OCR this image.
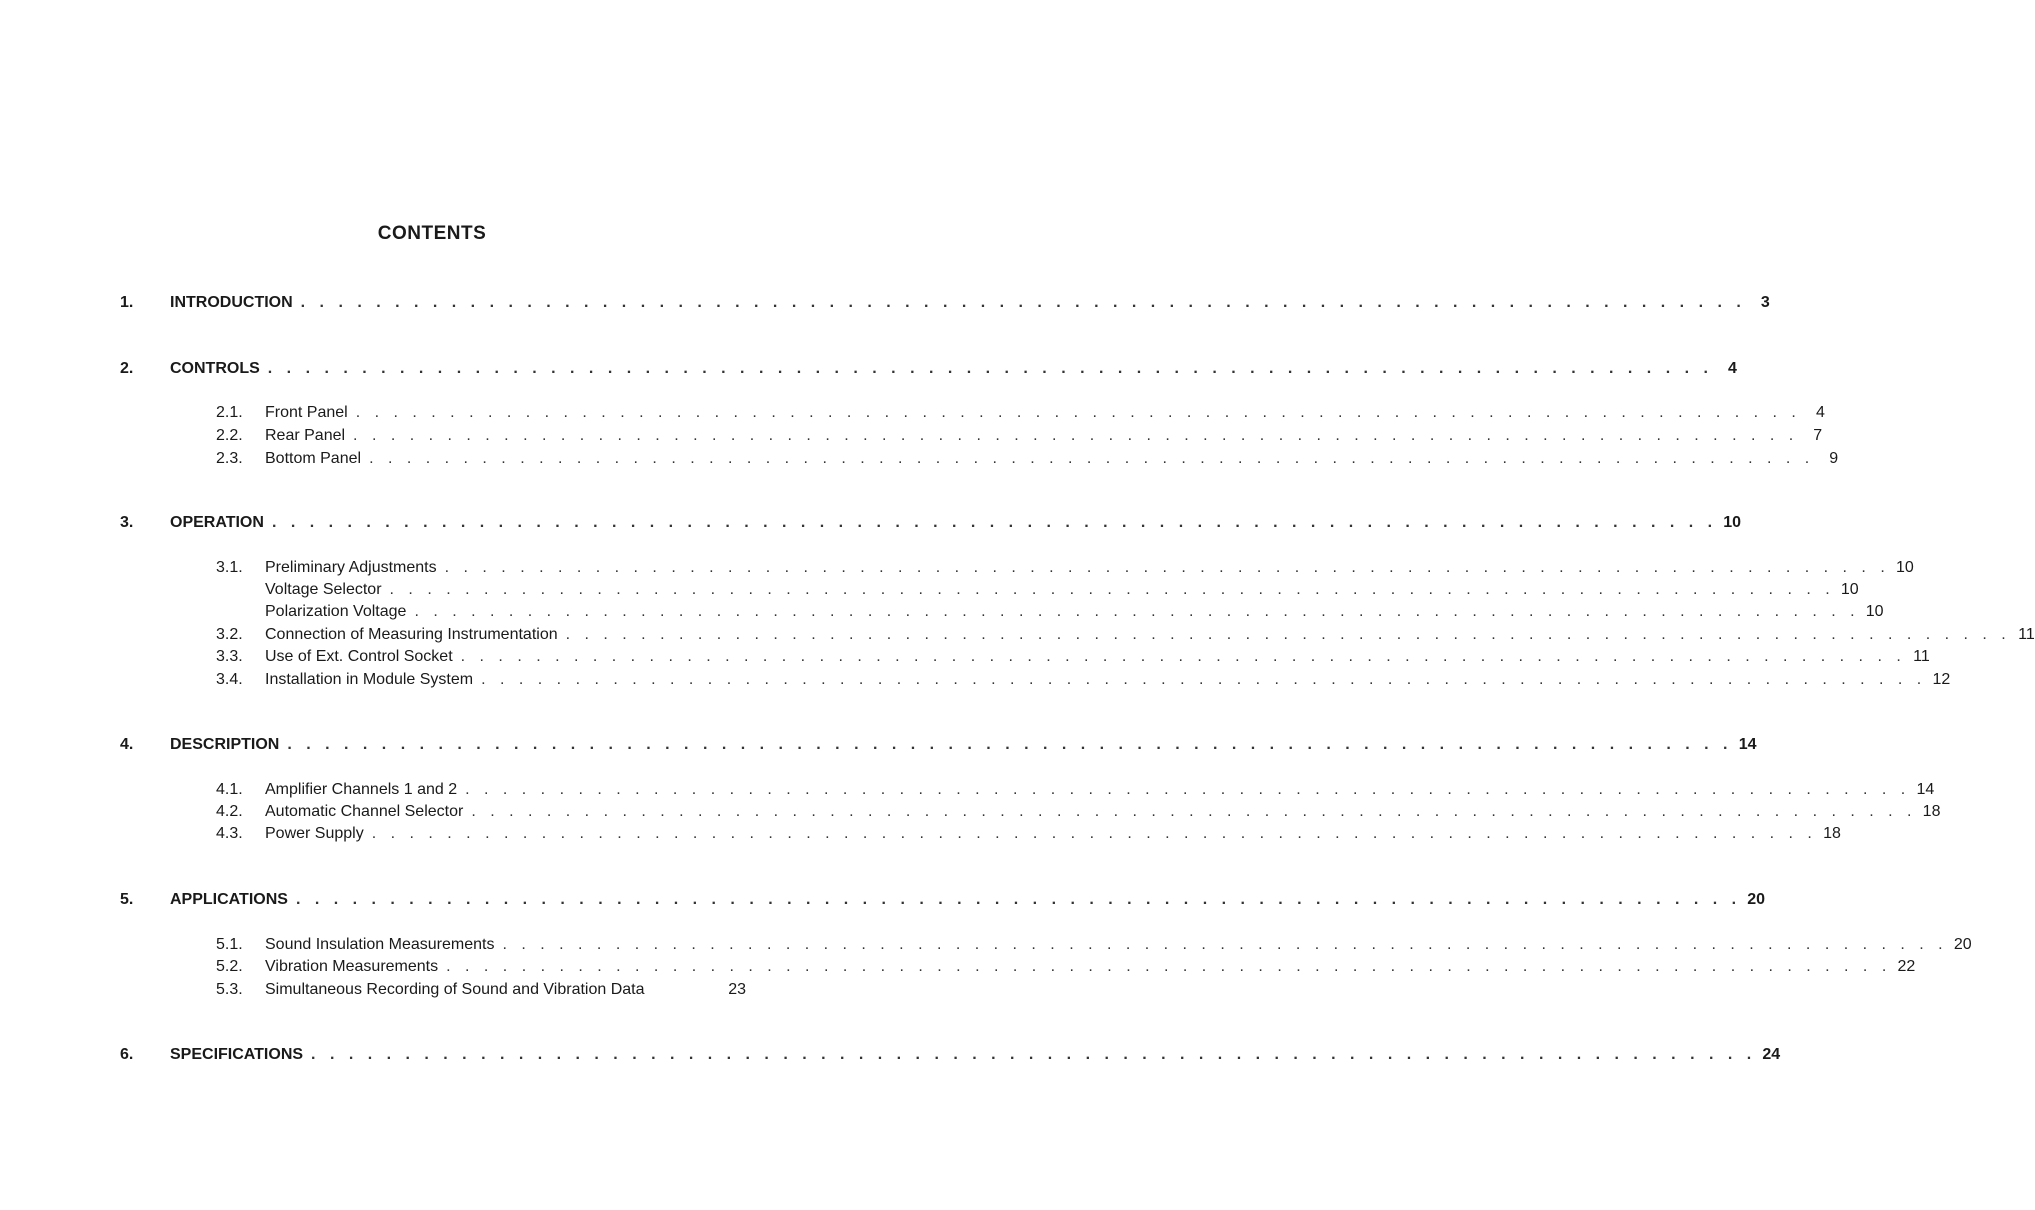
CONTENTS
1.	INTRODUCTION . . . . . . . . . . . . . . . . . . . . . . . . . . . . . . . . . . . . . . . . . . . . . . . . . . . . . . . . . . . . . . . . . . . . . . . . . . . . . 3
2.	CONTROLS . . . . . . . . . . . . . . . . . . . . . . . . . . . . . . . . . . . . . . . . . . . . . . . . . . . . . . . . . . . . . . . . . . . . . . . . . . . . . 4
2.1.	Front Panel . . . . . . . . . . . . . . . . . . . . . . . . . . . . . . . . . . . . . . . . . . . . . . . . . . . . . . . . . . . . . . . . . . . . . . . . . . . . . 4
2.2.	Rear Panel . . . . . . . . . . . . . . . . . . . . . . . . . . . . . . . . . . . . . . . . . . . . . . . . . . . . . . . . . . . . . . . . . . . . . . . . . . . . . 7
2.3.	Bottom Panel . . . . . . . . . . . . . . . . . . . . . . . . . . . . . . . . . . . . . . . . . . . . . . . . . . . . . . . . . . . . . . . . . . . . . . . . . . . . . 9
3.	OPERATION . . . . . . . . . . . . . . . . . . . . . . . . . . . . . . . . . . . . . . . . . . . . . . . . . . . . . . . . . . . . . . . . . . . . . . . . . . . . . 10
3.1.	Preliminary Adjustments . . . . . . . . . . . . . . . . . . . . . . . . . . . . . . . . . . . . . . . . . . . . . . . . . . . . . . . . . . . . . . . . . . . . . . . . . . . . . 10
Voltage Selector . . . . . . . . . . . . . . . . . . . . . . . . . . . . . . . . . . . . . . . . . . . . . . . . . . . . . . . . . . . . . . . . . . . . . . . . . . . . . 10
Polarization Voltage . . . . . . . . . . . . . . . . . . . . . . . . . . . . . . . . . . . . . . . . . . . . . . . . . . . . . . . . . . . . . . . . . . . . . . . . . . . . . 10
3.2.	Connection of Measuring Instrumentation . . . . . . . . . . . . . . . . . . . . . . . . . . . . . . . . . . . . . . . . . . . . . . . . . . . . . . . . . . . . . . . . . . . . . . . . . . . . . 11
3.3.	Use of Ext. Control Socket . . . . . . . . . . . . . . . . . . . . . . . . . . . . . . . . . . . . . . . . . . . . . . . . . . . . . . . . . . . . . . . . . . . . . . . . . . . . . 11
3.4.	Installation in Module System . . . . . . . . . . . . . . . . . . . . . . . . . . . . . . . . . . . . . . . . . . . . . . . . . . . . . . . . . . . . . . . . . . . . . . . . . . . . . 12
4.	DESCRIPTION . . . . . . . . . . . . . . . . . . . . . . . . . . . . . . . . . . . . . . . . . . . . . . . . . . . . . . . . . . . . . . . . . . . . . . . . . . . . . 14
4.1.	Amplifier Channels 1 and 2 . . . . . . . . . . . . . . . . . . . . . . . . . . . . . . . . . . . . . . . . . . . . . . . . . . . . . . . . . . . . . . . . . . . . . . . . . . . . . 14
4.2.	Automatic Channel Selector . . . . . . . . . . . . . . . . . . . . . . . . . . . . . . . . . . . . . . . . . . . . . . . . . . . . . . . . . . . . . . . . . . . . . . . . . . . . . 18
4.3.	Power Supply . . . . . . . . . . . . . . . . . . . . . . . . . . . . . . . . . . . . . . . . . . . . . . . . . . . . . . . . . . . . . . . . . . . . . . . . . . . . . 18
5.	APPLICATIONS . . . . . . . . . . . . . . . . . . . . . . . . . . . . . . . . . . . . . . . . . . . . . . . . . . . . . . . . . . . . . . . . . . . . . . . . . . . . . 20
5.1.	Sound Insulation Measurements . . . . . . . . . . . . . . . . . . . . . . . . . . . . . . . . . . . . . . . . . . . . . . . . . . . . . . . . . . . . . . . . . . . . . . . . . . . . . 20
5.2.	Vibration Measurements . . . . . . . . . . . . . . . . . . . . . . . . . . . . . . . . . . . . . . . . . . . . . . . . . . . . . . . . . . . . . . . . . . . . . . . . . . . . . 22
5.3.	Simultaneous Recording of Sound and Vibration Data	23
6.	SPECIFICATIONS . . . . . . . . . . . . . . . . . . . . . . . . . . . . . . . . . . . . . . . . . . . . . . . . . . . . . . . . . . . . . . . . . . . . . . . . . . . . . 24
